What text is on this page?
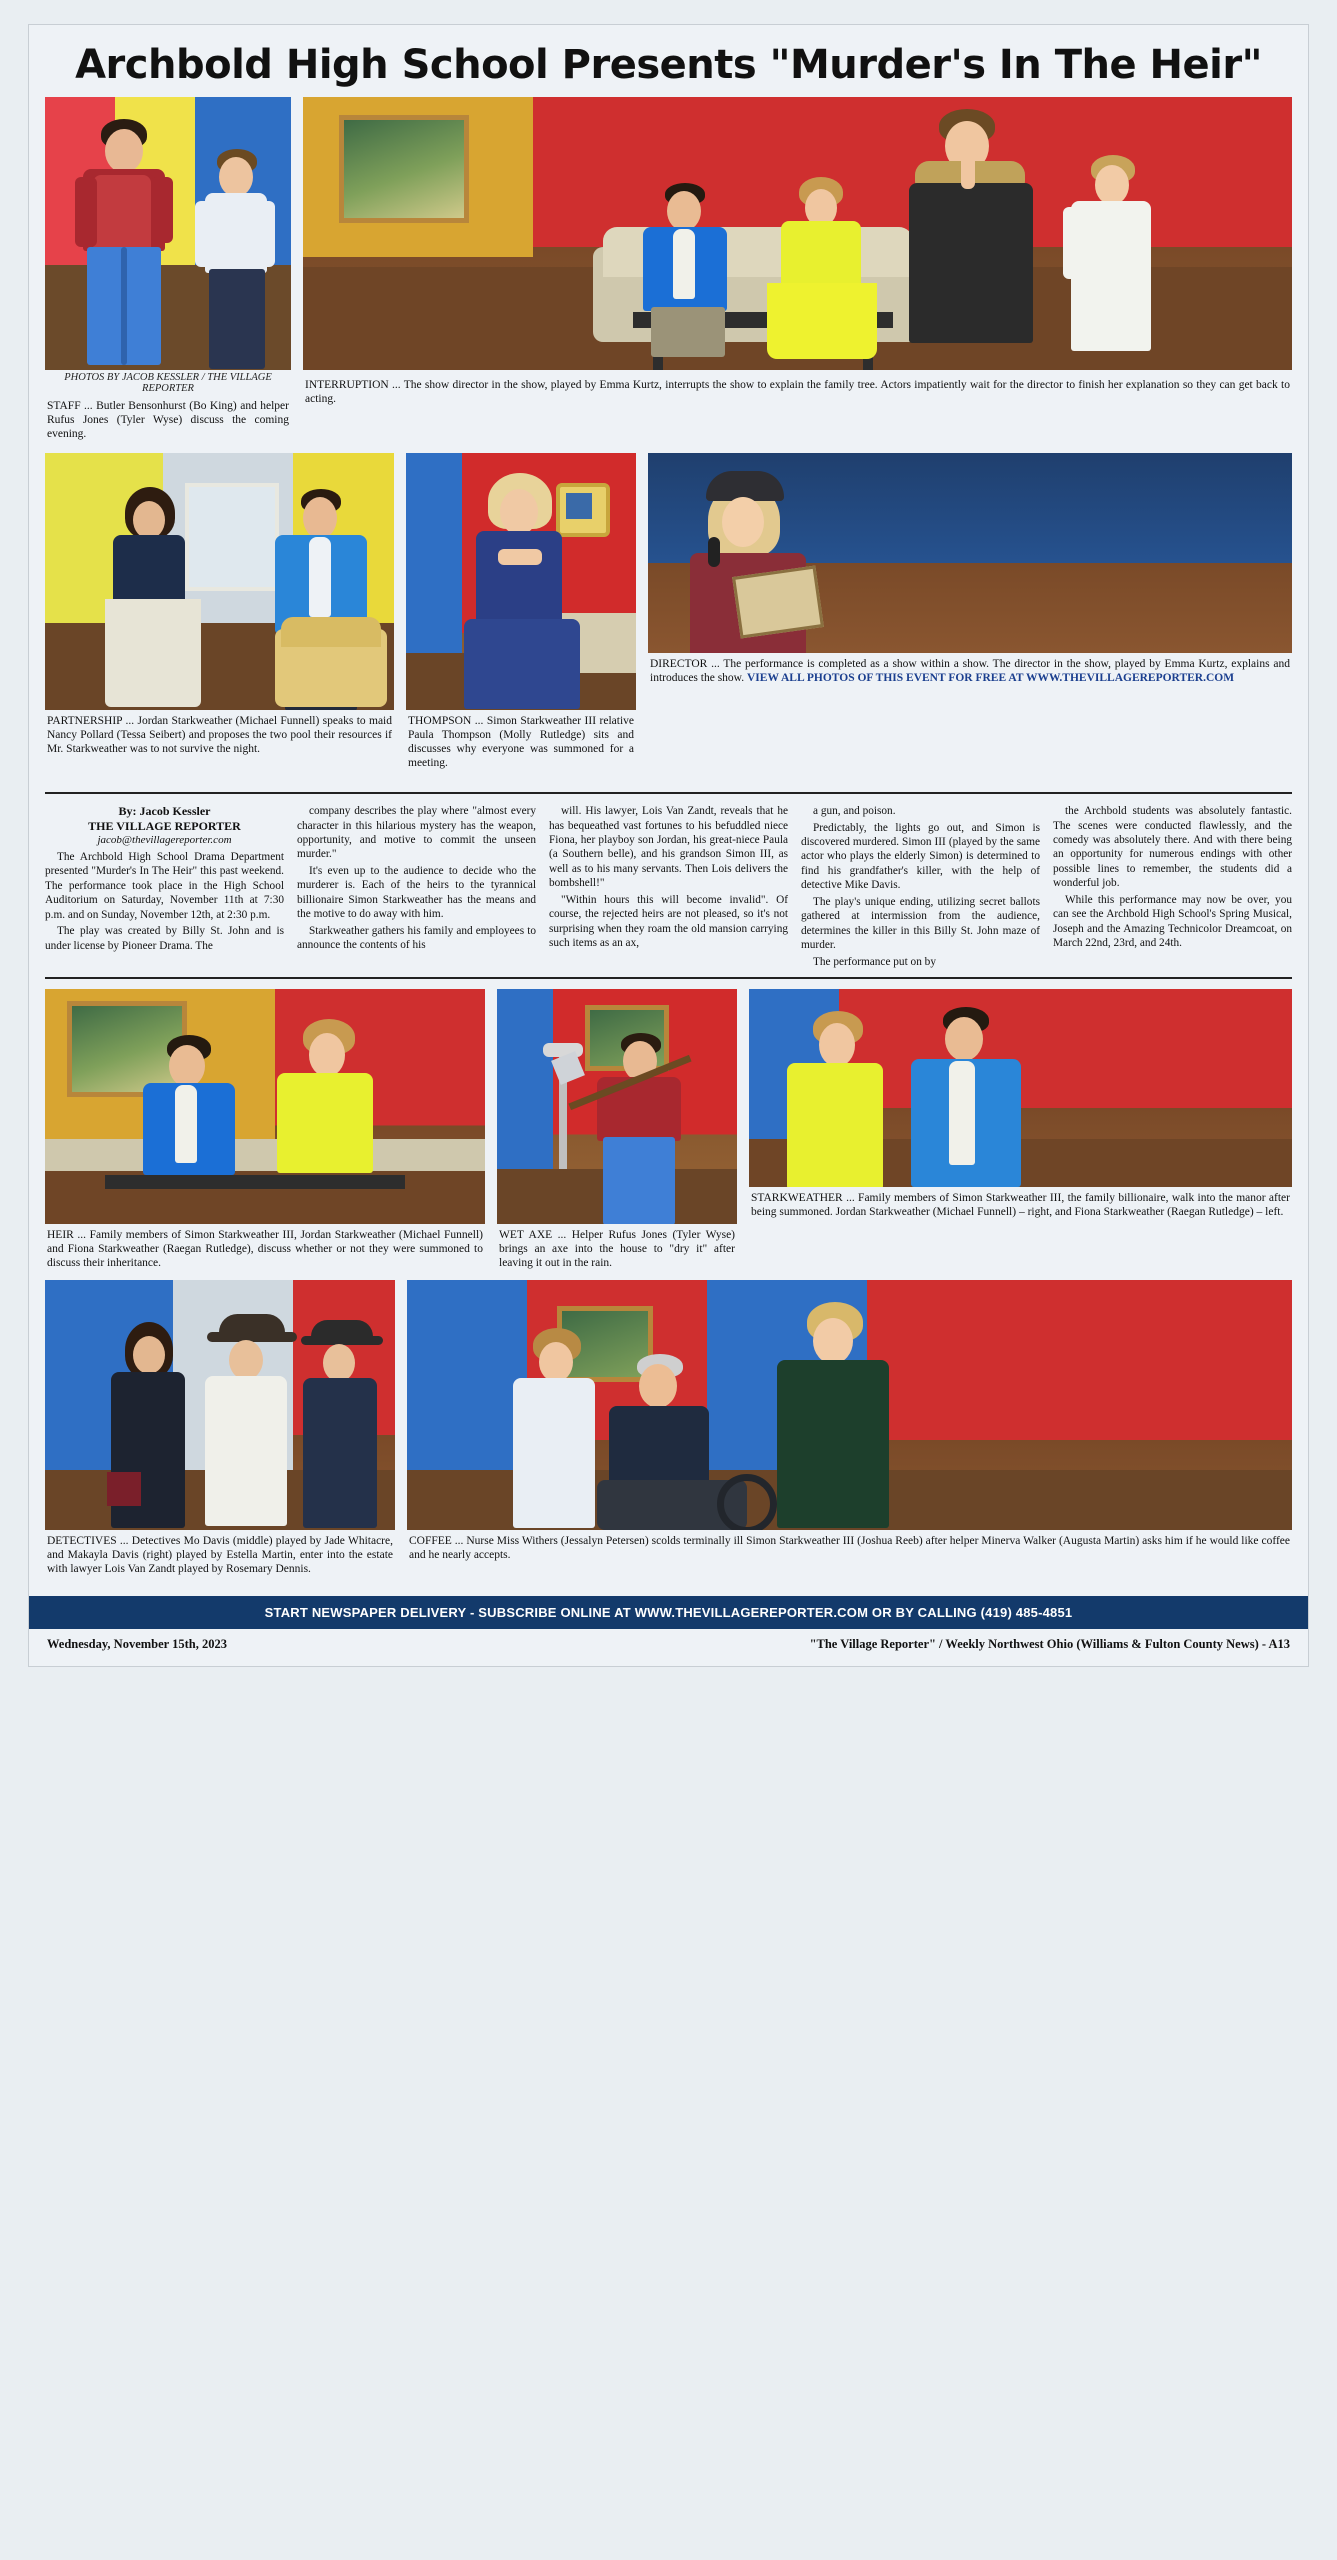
Archbold High School Presents "Murder's In The Heir"
PHOTOS BY JACOB KESSLER / THE VILLAGE REPORTER
STAFF ... Butler Bensonhurst (Bo King) and helper Rufus Jones (Tyler Wyse) discuss the coming evening.
INTERRUPTION ... The show director in the show, played by Emma Kurtz, interrupts the show to explain the family tree. Actors impatiently wait for the director to finish her explanation so they can get back to acting.
PARTNERSHIP ... Jordan Starkweather (Michael Funnell) speaks to maid Nancy Pollard (Tessa Seibert) and proposes the two pool their resources if Mr. Starkweather was to not survive the night.
THOMPSON ... Simon Starkweather III relative Paula Thompson (Molly Rutledge) sits and discusses why everyone was summoned for a meeting.
DIRECTOR ... The performance is completed as a show within a show. The director in the show, played by Emma Kurtz, explains and introduces the show. VIEW ALL PHOTOS OF THIS EVENT FOR FREE AT WWW.THEVILLAGEREPORTER.COM
By: Jacob Kessler
THE VILLAGE REPORTER
jacob@thevillagereporter.com

The Archbold High School Drama Department presented "Murder's In The Heir" this past weekend. The performance took place in the High School Auditorium on Saturday, November 11th at 7:30 p.m. and on Sunday, November 12th, at 2:30 p.m.

The play was created by Billy St. John and is under license by Pioneer Drama. The

company describes the play where "almost every character in this hilarious mystery has the weapon, opportunity, and motive to commit the unseen murder."

It's even up to the audience to decide who the murderer is. Each of the heirs to the tyrannical billionaire Simon Starkweather has the means and the motive to do away with him.

Starkweather gathers his family and employees to announce the contents of his

will. His lawyer, Lois Van Zandt, reveals that he has bequeathed vast fortunes to his befuddled niece Fiona, her playboy son Jordan, his great-niece Paula (a Southern belle), and his grandson Simon III, as well as to his many servants. Then Lois delivers the bombshell!"

"Within hours this will become invalid". Of course, the rejected heirs are not pleased, so it's not surprising when they roam the old mansion carrying such items as an ax,

a gun, and poison.

Predictably, the lights go out, and Simon is discovered murdered. Simon III (played by the same actor who plays the elderly Simon) is determined to find his grandfather's killer, with the help of detective Mike Davis.

The play's unique ending, utilizing secret ballots gathered at intermission from the audience, determines the killer in this Billy St. John maze of murder.

The performance put on by

the Archbold students was absolutely fantastic. The scenes were conducted flawlessly, and the comedy was absolutely there. And with there being an opportunity for numerous endings with other possible lines to remember, the students did a wonderful job.

While this performance may now be over, you can see the Archbold High School's Spring Musical, Joseph and the Amazing Technicolor Dreamcoat, on March 22nd, 23rd, and 24th.

HEIR ... Family members of Simon Starkweather III, Jordan Starkweather (Michael Funnell) and Fiona Starkweather (Raegan Rutledge), discuss whether or not they were summoned to discuss their inheritance.
WET AXE ... Helper Rufus Jones (Tyler Wyse) brings an axe into the house to "dry it" after leaving it out in the rain.
STARKWEATHER ... Family members of Simon Starkweather III, the family billionaire, walk into the manor after being summoned. Jordan Starkweather (Michael Funnell) – right, and Fiona Starkweather (Raegan Rutledge) – left.
DETECTIVES ... Detectives Mo Davis (middle) played by Jade Whitacre, and Makayla Davis (right) played by Estella Martin, enter into the estate with lawyer Lois Van Zandt played by Rosemary Dennis.
COFFEE ... Nurse Miss Withers (Jessalyn Petersen) scolds terminally ill Simon Starkweather III (Joshua Reeb) after helper Minerva Walker (Augusta Martin) asks him if he would like coffee and he nearly accepts.
START NEWSPAPER DELIVERY - SUBSCRIBE ONLINE AT WWW.THEVILLAGEREPORTER.COM OR BY CALLING (419) 485-4851
Wednesday, November 15th, 2023	"The Village Reporter" / Weekly Northwest Ohio (Williams & Fulton County News) - A13
